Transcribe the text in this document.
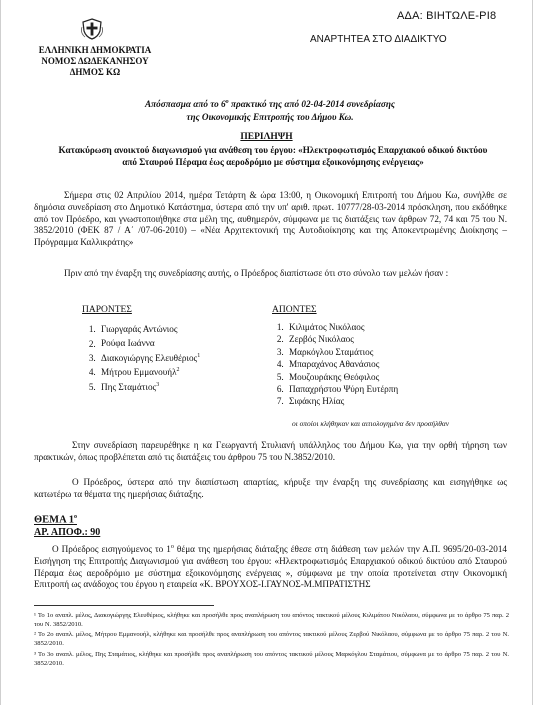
ΑΔΑ: ΒΙΗΤΩΛΕ-ΡΙ8
ΑΝΑΡΤΗΤΕΑ ΣΤΟ ΔΙΑΔΙΚΤΥΟ
ΕΛΛΗΝΙΚΗ ΔΗΜΟΚΡΑΤΙΑ
ΝΟΜΟΣ ΔΩΔΕΚΑΝΗΣΟΥ
ΔΗΜΟΣ ΚΩ
Απόσπασμα από το $6^o$ πρακτικό της από 02-04-2014 συνεδρίασης
της Οικονομικής Επιτροπής του Δήμου Κω.
ΠΕΡΙΛΗΨΗ
Κατακύρωση ανοικτού διαγωνισμού για ανάθεση του έργου: «Ηλεκτροφωτισμός Επαρχιακού οδικού δικτύου από Σταυρού Πέραμα έως αεροδρόμιο με σύστημα εξοικονόμησης ενέργειας»
Σήμερα στις 02 Απριλίου 2014, ημέρα Τετάρτη & ώρα 13:00, η Οικονομική Επιτροπή του Δήμου Κω, συνήλθε σε δημόσια συνεδρίαση στο Δημοτικό Κατάστημα, ύστερα από την υπ' αριθ. πρωτ. 10777/28-03-2014 πρόσκληση, που εκδόθηκε από τον Πρόεδρο, και γνωστοποιήθηκε στα μέλη της, αυθημερόν, σύμφωνα με τις διατάξεις των άρθρων 72, 74 και 75 του Ν. 3852/2010 (ΦΕΚ 87 / Α΄ /07-06-2010) – «Νέα Αρχιτεκτονική της Αυτοδιοίκησης και της Αποκεντρωμένης Διοίκησης – Πρόγραμμα Καλλικράτης»
Πριν από την έναρξη της συνεδρίασης αυτής, ο Πρόεδρος διαπίστωσε ότι στο σύνολο των μελών ήσαν :
ΠΑΡΟΝΤΕΣ	ΑΠΟΝΤΕΣ
1. Γιωργαράς Αντώνιος
2. Ρούφα Ιωάννα
3. Διακογιώργης Ελευθέριος$^1$
4. Μήτρου Εμμανουήλ$^2$
5. Πης Σταμάτιος$^3$
1. Κιλιμάτος Νικόλαος
2. Ζερβός Νικόλαος
3. Μαρκόγλου Σταμάτιος
4. Μπαραχάνος Αθανάσιος
5. Μουζουράκης Θεόφιλος
6. Παπαχρήστου Ψύρη Ευτέρπη
7. Σιφάκης Ηλίας
οι οποίοι κλήθηκαν και αιτιολογημένα δεν προσήλθαν
Στην συνεδρίαση παρευρέθηκε η κα Γεωργαντή Στυλιανή υπάλληλος του Δήμου Κω, για την ορθή τήρηση των πρακτικών, όπως προβλέπεται από τις διατάξεις του άρθρου 75 του Ν.3852/2010.
Ο Πρόεδρος, ύστερα από την διαπίστωση απαρτίας, κήρυξε την έναρξη της συνεδρίασης και εισηγήθηκε ως κατωτέρω τα θέματα της ημερήσιας διάταξης.
ΘΕΜΑ $1^o$
ΑΡ. ΑΠΟΦ.: 90
Ο Πρόεδρος εισηγούμενος το $1^o$ θέμα της ημερήσιας διάταξης έθεσε στη διάθεση των μελών την Α.Π. 9695/20-03-2014 Εισήγηση της Επιτροπής Διαγωνισμού για ανάθεση του έργου: «Ηλεκτροφωτισμός Επαρχιακού οδικού δικτύου από Σταυρού Πέραμα έως αεροδρόμιο με σύστημα εξοικονόμησης ενέργειας », σύμφωνα με την οποία προτείνεται στην Οικονομική Επιτροπή ως ανάδοχος του έργου η εταιρεία «Κ. ΒΡΟΥΧΟΣ-Ι.ΓΑΥΝΟΣ-Μ.ΜΠΡΑΤΙΣΤΗΣ

¹ Το 1ο αναπλ. μέλος, Διακογιώργης Ελευθέριος, κλήθηκε και προσήλθε προς αναπλήρωση του απόντος τακτικού μέλους Κιλιμάτου Νικόλαου, σύμφωνα με το άρθρο 75 παρ. 2 του Ν. 3852/2010.

² Το 2ο αναπλ. μέλος, Μήτρου Εμμανουήλ, κλήθηκε και προσήλθε προς αναπλήρωση του απόντος τακτικού μέλους Ζερβού Νικόλαου, σύμφωνα με το άρθρο 75 παρ. 2 του Ν. 3852/2010.

³ Το 3ο αναπλ. μέλος, Πης Σταμάτιος, κλήθηκε και προσήλθε προς αναπλήρωση του απόντος τακτικού μέλους Μαρκόγλου Σταμάτιου, σύμφωνα με το άρθρο 75 παρ. 2 του Ν. 3852/2010.
